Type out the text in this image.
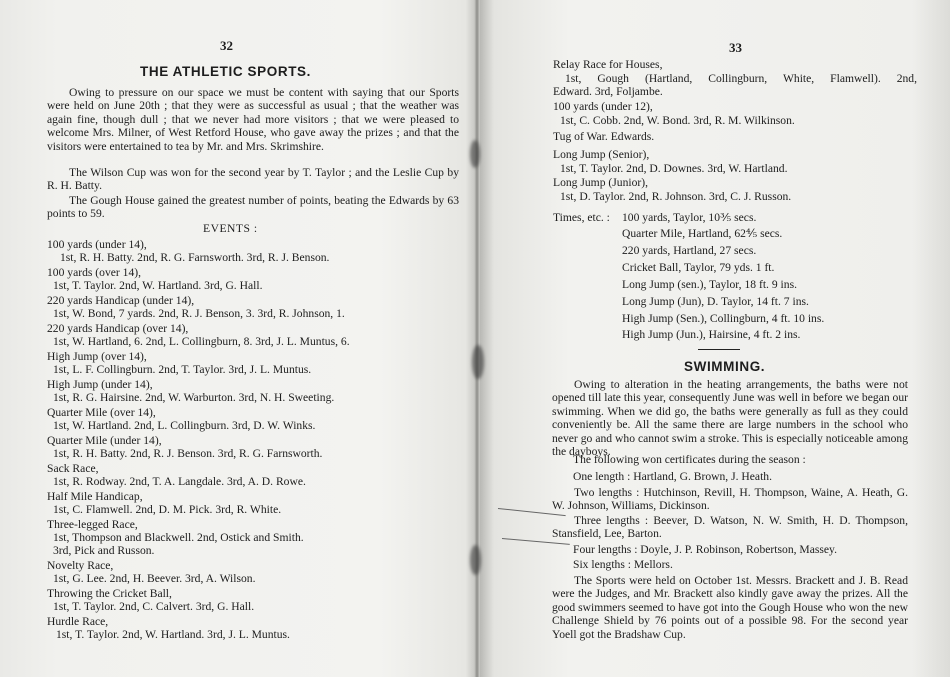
32
THE ATHLETIC SPORTS.

Owing to pressure on our space we must be content with saying that our Sports were held on June 20th ; that they were as successful as usual ; that the weather was again fine, though dull ; that we never had more visitors ; that we were pleased to welcome Mrs. Milner, of West Retford House, who gave away the prizes ; and that the visitors were entertained to tea by Mr. and Mrs. Skrimshire.

The Wilson Cup was won for the second year by T. Taylor ; and the Leslie Cup by R. H. Batty.

The Gough House gained the greatest number of points, beating the Edwards by 63 points to 59.

EVENTS :
100 yards (under 14),
1st, R. H. Batty. 2nd, R. G. Farnsworth. 3rd, R. J. Benson.
100 yards (over 14),
1st, T. Taylor. 2nd, W. Hartland. 3rd, G. Hall.
220 yards Handicap (under 14),
1st, W. Bond, 7 yards. 2nd, R. J. Benson, 3. 3rd, R. Johnson, 1.
220 yards Handicap (over 14),
1st, W. Hartland, 6. 2nd, L. Collingburn, 8. 3rd, J. L. Muntus, 6.
High Jump (over 14),
1st, L. F. Collingburn. 2nd, T. Taylor. 3rd, J. L. Muntus.
High Jump (under 14),
1st, R. G. Hairsine. 2nd, W. Warburton. 3rd, N. H. Sweeting.
Quarter Mile (over 14),
1st, W. Hartland. 2nd, L. Collingburn. 3rd, D. W. Winks.
Quarter Mile (under 14),
1st, R. H. Batty. 2nd, R. J. Benson. 3rd, R. G. Farnsworth.
Sack Race,
1st, R. Rodway. 2nd, T. A. Langdale. 3rd, A. D. Rowe.
Half Mile Handicap,
1st, C. Flamwell. 2nd, D. M. Pick. 3rd, R. White.
Three-legged Race,
1st, Thompson and Blackwell. 2nd, Ostick and Smith.
3rd, Pick and Russon.
Novelty Race,
1st, G. Lee. 2nd, H. Beever. 3rd, A. Wilson.
Throwing the Cricket Ball,
1st, T. Taylor. 2nd, C. Calvert. 3rd, G. Hall.
Hurdle Race,
1st, T. Taylor. 2nd, W. Hartland. 3rd, J. L. Muntus.
33
Relay Race for Houses,
1st, Gough (Hartland, Collingburn, White, Flamwell). 2nd,
Edward. 3rd, Foljambe.
100 yards (under 12),
1st, C. Cobb. 2nd, W. Bond. 3rd, R. M. Wilkinson.
Tug of War. Edwards.
Long Jump (Senior),
1st, T. Taylor. 2nd, D. Downes. 3rd, W. Hartland.
Long Jump (Junior),
1st, D. Taylor. 2nd, R. Johnson. 3rd, C. J. Russon.
Times, etc. : 100 yards, Taylor, 10⅗ secs.
Quarter Mile, Hartland, 62⅘ secs.
220 yards, Hartland, 27 secs.
Cricket Ball, Taylor, 79 yds. 1 ft.
Long Jump (sen.), Taylor, 18 ft. 9 ins.
Long Jump (Jun), D. Taylor, 14 ft. 7 ins.
High Jump (Sen.), Collingburn, 4 ft. 10 ins.
High Jump (Jun.), Hairsine, 4 ft. 2 ins.
SWIMMING.

Owing to alteration in the heating arrangements, the baths were not opened till late this year, consequently June was well in before we began our swimming. When we did go, the baths were generally as full as they could conveniently be. All the same there are large numbers in the school who never go and who cannot swim a stroke. This is especially noticeable among the dayboys.

The following won certificates during the season :
One length : Hartland, G. Brown, J. Heath.

Two lengths : Hutchinson, Revill, H. Thompson, Waine, A. Heath, G. W. Johnson, Williams, Dickinson.

Three lengths : Beever, D. Watson, N. W. Smith, H. D. Thompson, Stansfield, Lee, Barton.

Four lengths : Doyle, J. P. Robinson, Robertson, Massey.
Six lengths : Mellors.

The Sports were held on October 1st. Messrs. Brackett and J. B. Read were the Judges, and Mr. Brackett also kindly gave away the prizes. All the good swimmers seemed to have got into the Gough House who won the new Challenge Shield by 76 points out of a possible 98. For the second year Yoell got the Bradshaw Cup.
